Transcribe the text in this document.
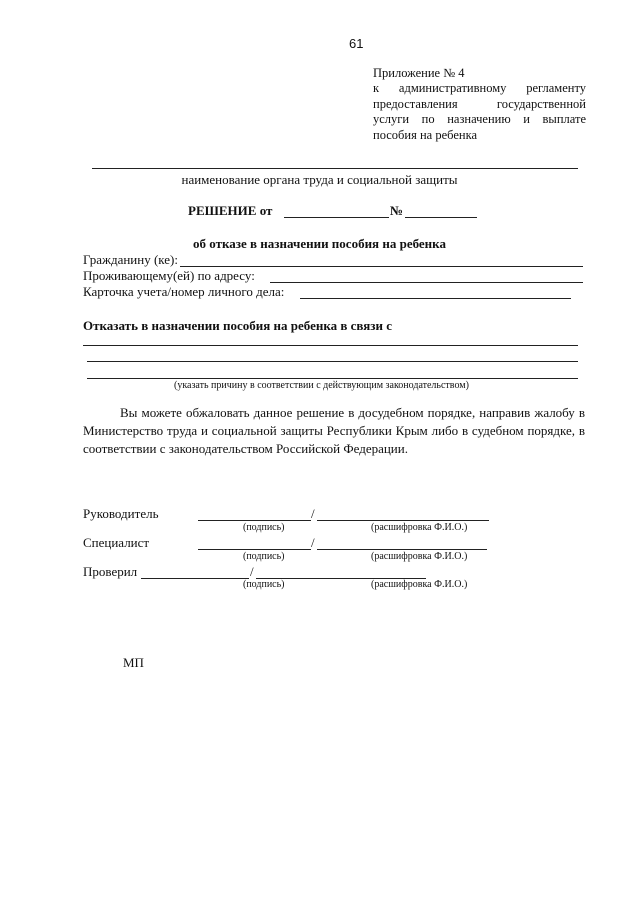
61
Приложение № 4
к административному регламенту
предоставления государственной
услуги по назначению и выплате
пособия на ребенка
наименование органа труда и социальной защиты
РЕШЕНИЕ от	№
об отказе в назначении пособия на ребенка
Гражданину (ке):
Проживающему(ей) по адресу:
Карточка учета/номер личного дела:
Отказать в назначении пособия на ребенка в связи с
(указать причину в соответствии с действующим законодательством)
Вы можете обжаловать данное решение в досудебном порядке, направив жалобу в Министерство труда и социальной защиты Республики Крым либо в судебном порядке, в соответствии с законодательством Российской Федерации.
Руководитель	/
(подпись)	(расшифровка Ф.И.О.)
Специалист	/
(подпись)	(расшифровка Ф.И.О.)
Проверил	/
(подпись)	(расшифровка Ф.И.О.)
МП
